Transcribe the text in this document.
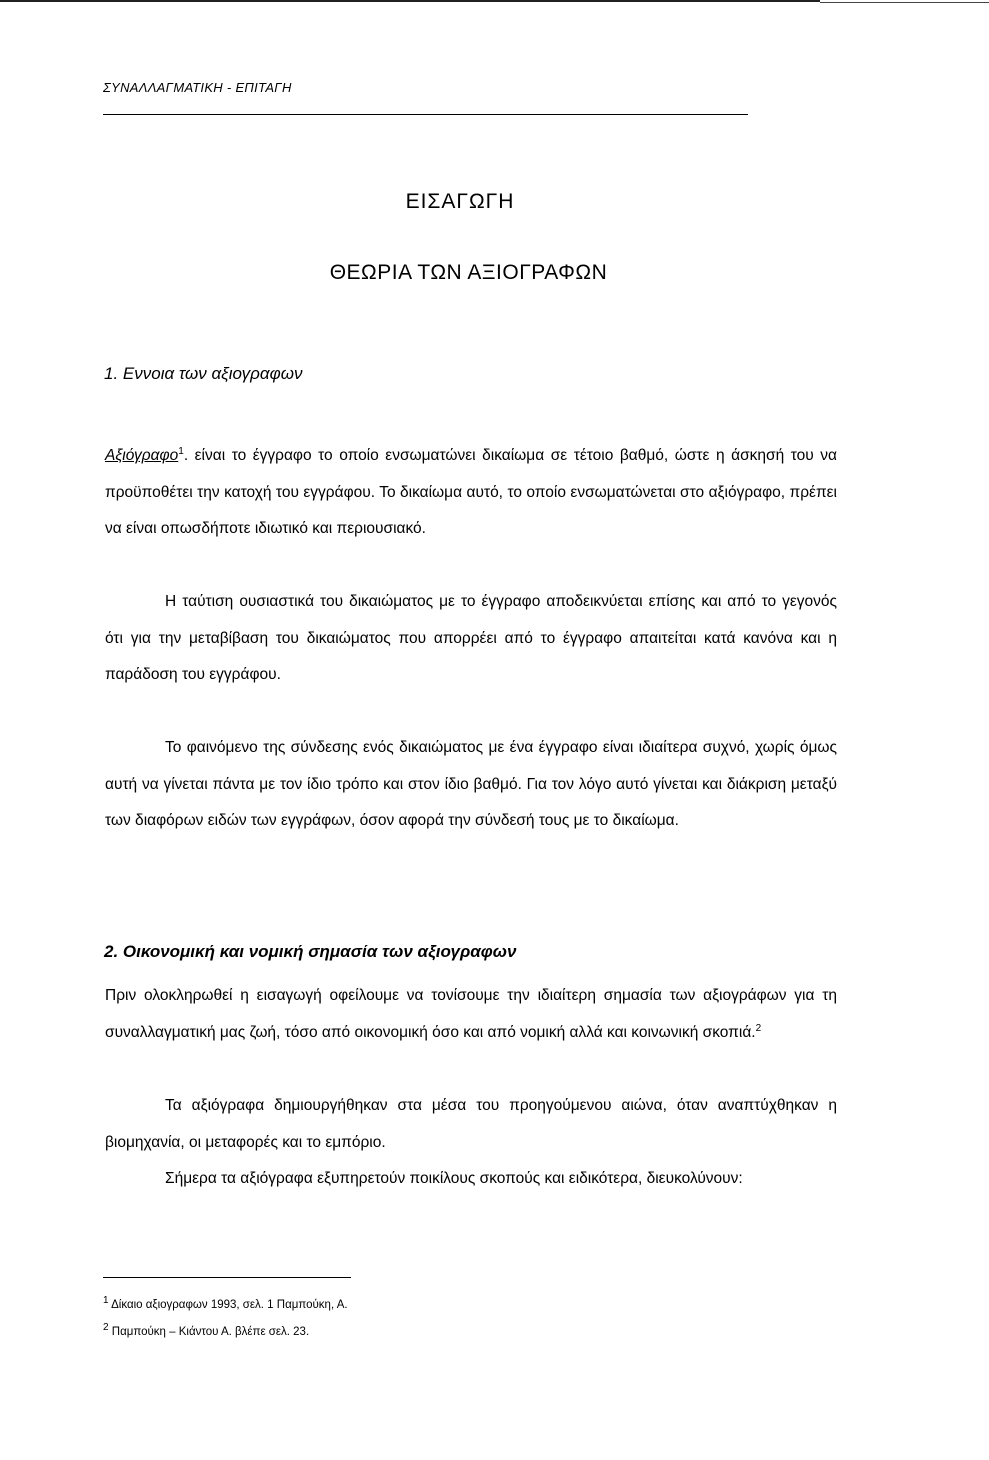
ΣΥΝΑΛΛΑΓΜΑΤΙΚΗ - ΕΠΙΤΑΓΗ
ΕΙΣΑΓΩΓΗ
ΘΕΩΡΙΑ ΤΩΝ ΑΞΙΟΓΡΑΦΩΝ
1. Εννοια των αξιογραφων

Αξιόγραφο$^1$. είναι το έγγραφο το οποίο ενσωματώνει δικαίωμα σε τέτοιο βαθμό, ώστε η άσκησή του να προϋποθέτει την κατοχή του εγγράφου. Το δικαίωμα αυτό, το οποίο ενσωματώνεται στο αξιόγραφο, πρέπει να είναι οπωσδήποτε ιδιωτικό και περιουσιακό.

Η ταύτιση ουσιαστικά του δικαιώματος με το έγγραφο αποδεικνύεται επίσης και από το γεγονός ότι για την μεταβίβαση του δικαιώματος που απορρέει από το έγγραφο απαιτείται κατά κανόνα και η παράδοση του εγγράφου.

Το φαινόμενο της σύνδεσης ενός δικαιώματος με ένα έγγραφο είναι ιδιαίτερα συχνό, χωρίς όμως αυτή να γίνεται πάντα με τον ίδιο τρόπο και στον ίδιο βαθμό. Για τον λόγο αυτό γίνεται και διάκριση μεταξύ των διαφόρων ειδών των εγγράφων, όσον αφορά την σύνδεσή τους με το δικαίωμα.

2. Οικονομική και νομική σημασία των αξιογραφων

Πριν ολοκληρωθεί η εισαγωγή οφείλουμε να τονίσουμε την ιδιαίτερη σημασία των αξιογράφων για τη συναλλαγματική μας ζωή, τόσο από οικονομική όσο και από νομική αλλά και κοινωνική σκοπιά.$^2$

Τα αξιόγραφα δημιουργήθηκαν στα μέσα του προηγούμενου αιώνα, όταν αναπτύχθηκαν η βιομηχανία, οι μεταφορές και το εμπόριο.

Σήμερα τα αξιόγραφα εξυπηρετούν ποικίλους σκοπούς και ειδικότερα, διευκολύνουν:

$^1$ Δίκαιο αξιογραφων 1993, σελ. 1 Παμπούκη, Α.
$^2$ Παμπούκη – Κιάντου Α. βλέπε σελ. 23.
